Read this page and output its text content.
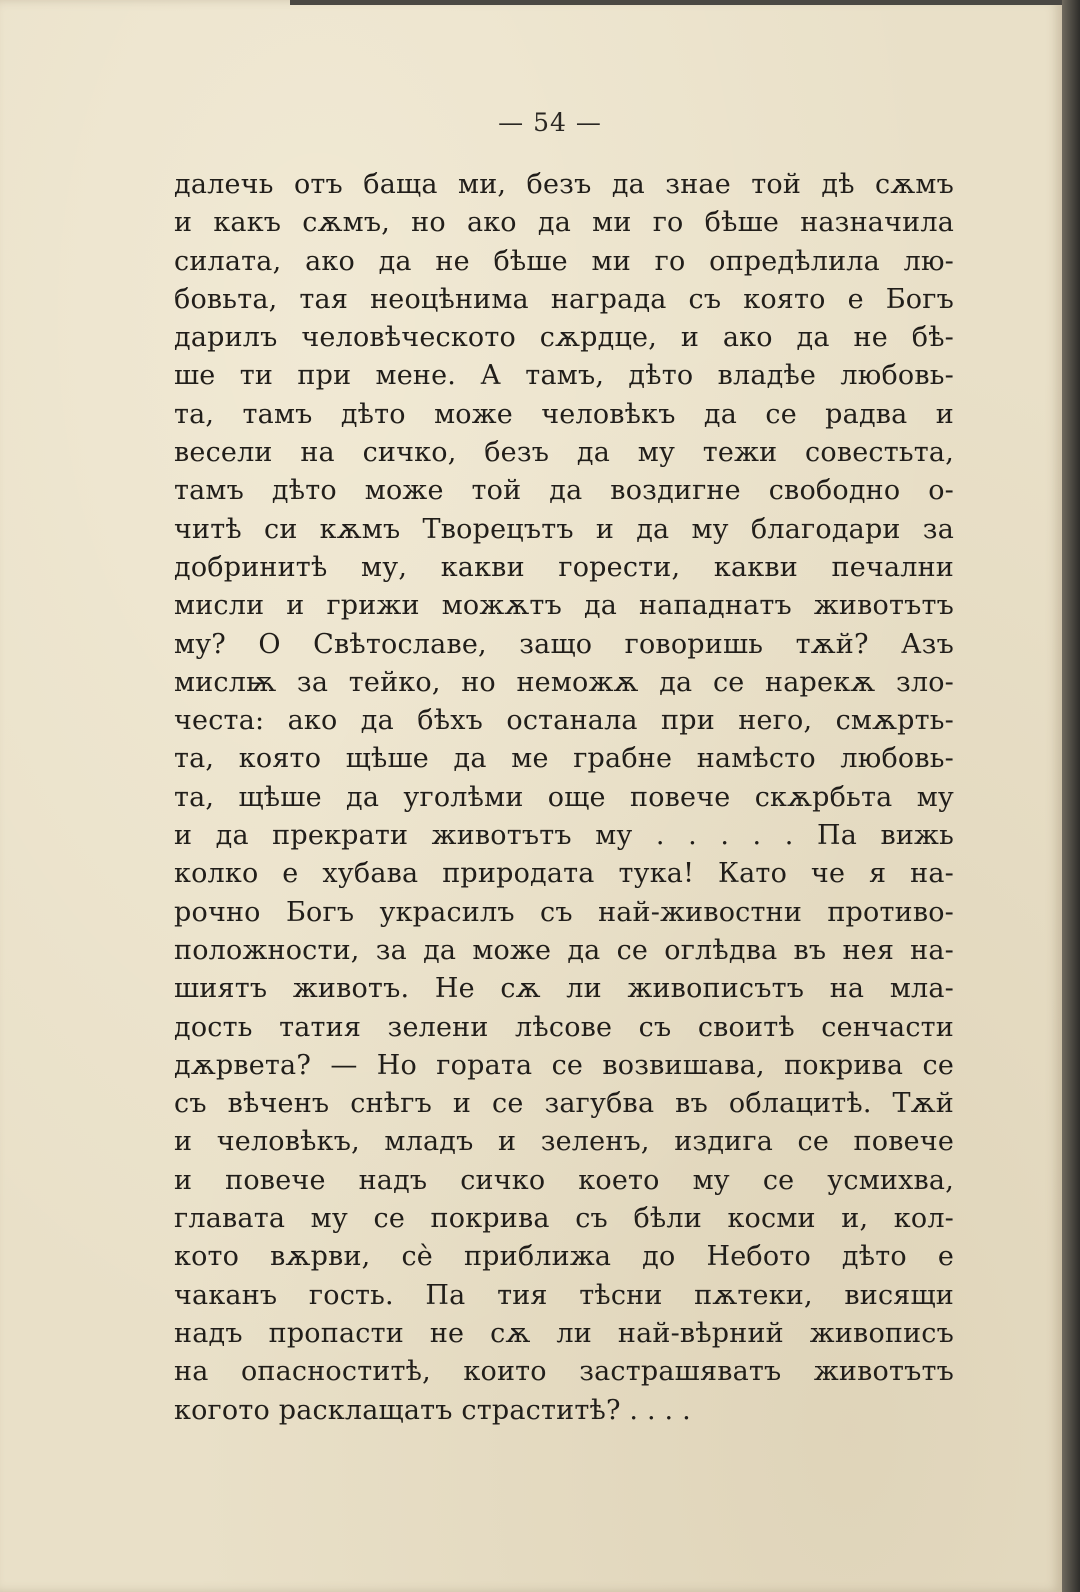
— 54 —
далечь отъ баща ми, безъ да знае той дѣ сѫмъ
и какъ сѫмъ, но ако да ми го бѣше назначила
силата, ако да не бѣше ми го опредѣлила лю-
бовьта, тая неоцѣнима награда съ която е Богъ
дарилъ человѣческото сѫрдце, и ако да не бѣ-
ше ти при мене. А тамъ, дѣто владѣе любовь-
та, тамъ дѣто може человѣкъ да се радва и
весели на сичко, безъ да му тежи совестьта,
тамъ дѣто може той да воздигне свободно о-
читѣ си кѫмъ Творецътъ и да му благодари за
добринитѣ му, какви горести, какви печални
мисли и грижи можѫтъ да нападнатъ животътъ
му? О Свѣтославе, защо говоришь тѫй? Азъ
мислѭ за тейко, но неможѫ да се нарекѫ зло-
честа: ако да бѣхъ останала при него, смѫрть-
та, която щѣше да ме грабне намѣсто любовь-
та, щѣше да уголѣми още повече скѫрбьта му
и да прекрати животътъ му . . . . . Па вижь
колко е хубава природата тука! Като че я на-
рочно Богъ украсилъ съ най-живостни противо-
положности, за да може да се оглѣдва въ нея на-
шиятъ животъ. Не сѫ ли живописътъ на мла-
дость татия зелени лѣсове съ своитѣ сенчасти
дѫрвета? — Но гората се возвишава, покрива се
съ вѣченъ снѣгъ и се загубва въ облацитѣ. Тѫй
и человѣкъ, младъ и зеленъ, издига се повече
и повече надъ сичко което му се усмихва,
главата му се покрива съ бѣли косми и, кол-
кото вѫрви, сѐ приближа до Небото дѣто е
чаканъ гость. Па тия тѣсни пѫтеки, висящи
надъ пропасти не сѫ ли най-вѣрний живописъ
на опасноститѣ, които застрашяватъ животътъ
когото расклащатъ страститѣ? . . . .
